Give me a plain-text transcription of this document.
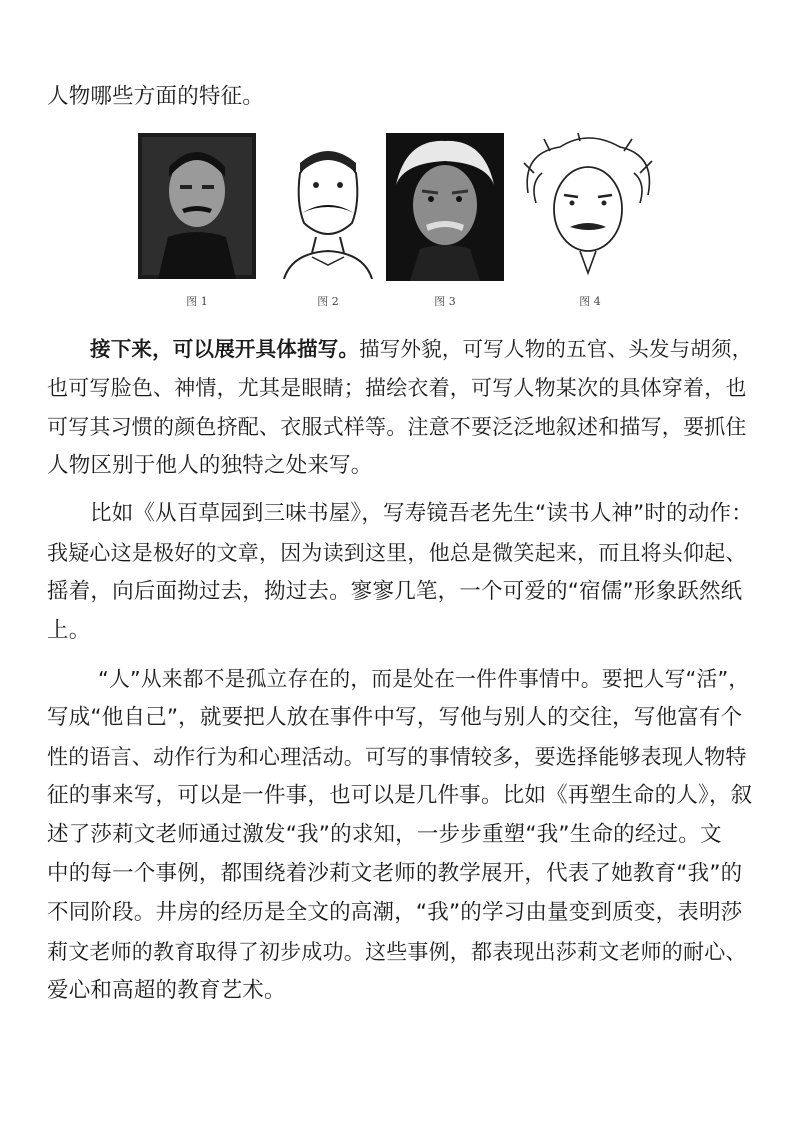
人物哪些方面的特征。
图 1	图 2	图 3	图 4
接下来，可以展开具体描写。描写外貌，可写人物的五官、头发与胡须，
也可写脸色、神情，尤其是眼睛；描绘衣着，可写人物某次的具体穿着，也
可写其习惯的颜色挤配、衣服式样等。注意不要泛泛地叙述和描写，要抓住
人物区别于他人的独特之处来写。
比如《从百草园到三味书屋》，写寿镜吾老先生“读书人神”时的动作：
我疑心这是极好的文章，因为读到这里，他总是微笑起来，而且将头仰起、
摇着，向后面拗过去，拗过去。寥寥几笔，一个可爱的“宿儒”形象跃然纸
上。
“人”从来都不是孤立存在的，而是处在一件件事情中。要把人写“活”，
写成“他自己”，就要把人放在事件中写，写他与别人的交往，写他富有个
性的语言、动作行为和心理活动。可写的事情较多，要选择能够表现人物特
征的事来写，可以是一件事，也可以是几件事。比如《再塑生命的人》，叙
述了莎莉文老师通过激发“我”的求知，一步步重塑“我”生命的经过。文
中的每一个事例，都围绕着沙莉文老师的教学展开，代表了她教育“我”的
不同阶段。井房的经历是全文的高潮，“我”的学习由量变到质变，表明莎
莉文老师的教育取得了初步成功。这些事例，都表现出莎莉文老师的耐心、
爱心和高超的教育艺术。
